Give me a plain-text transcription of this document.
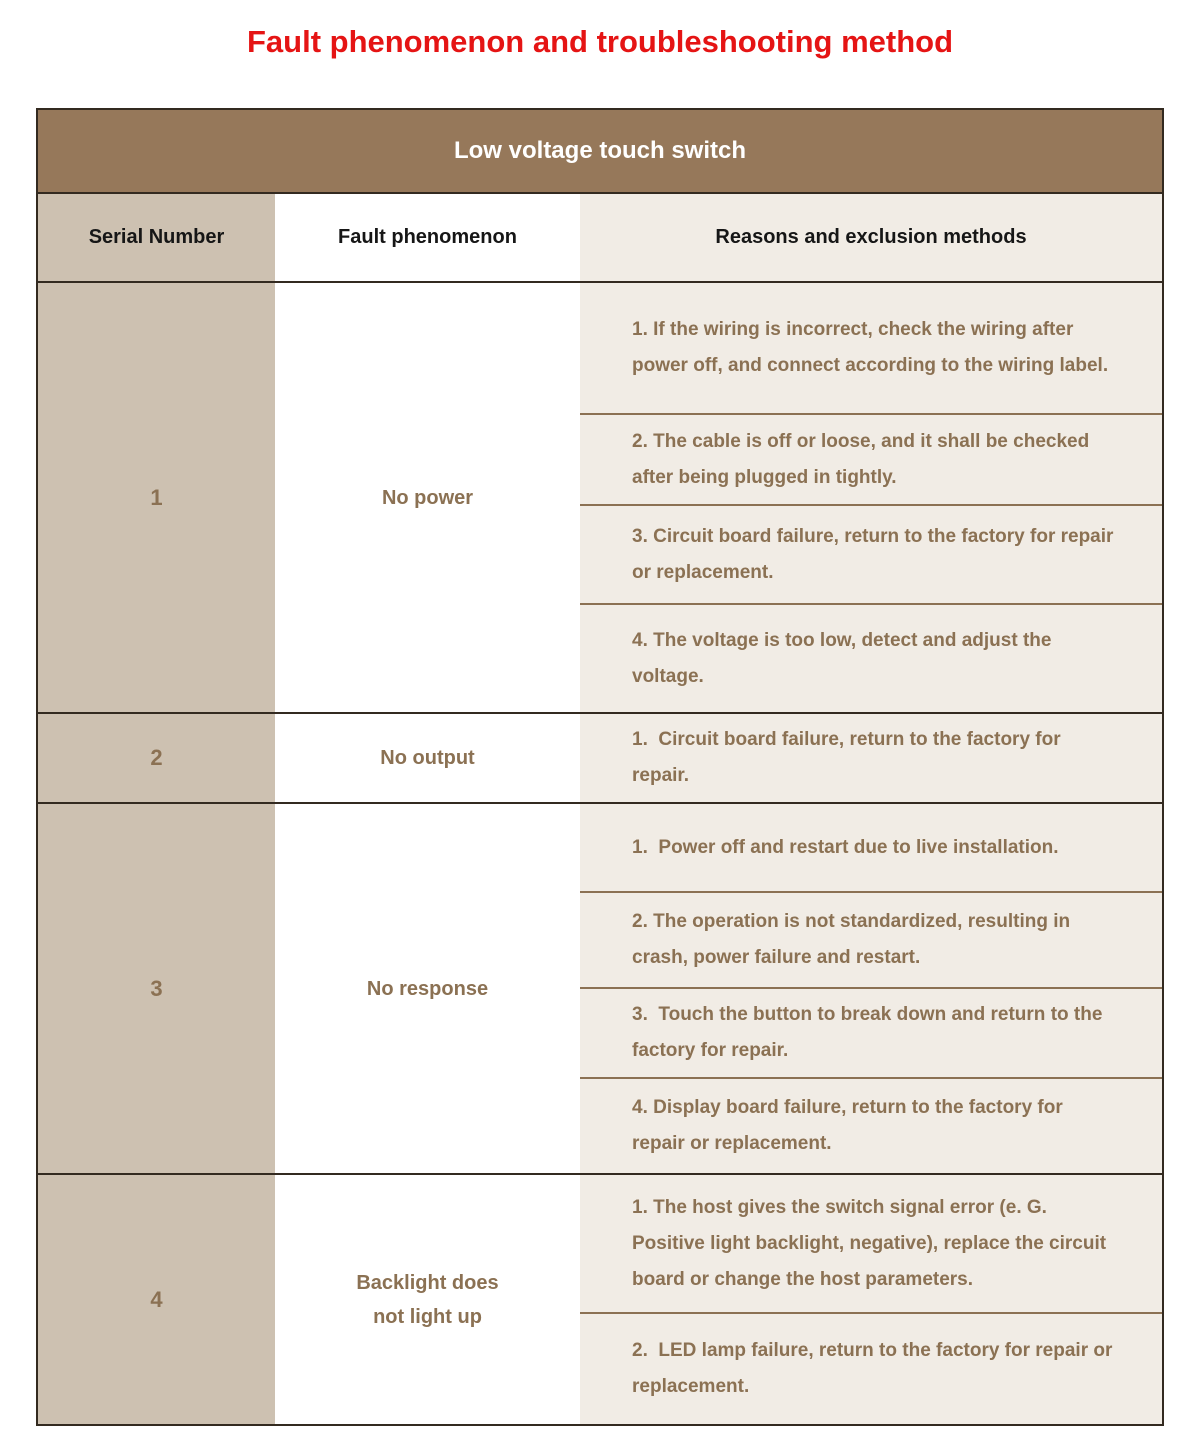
Fault phenomenon and troubleshooting method
Low voltage touch switch
Serial Number	Fault phenomenon	Reasons and exclusion methods
1	No power
1. If the wiring is incorrect, check the wiring after power off, and connect according to the wiring label.
2. The cable is off or loose, and it shall be checked after being plugged in tightly.
3. Circuit board failure, return to the factory for repair or replacement.
4. The voltage is too low, detect and adjust the voltage.
2	No output
1.  Circuit board failure, return to the factory for repair.
3	No response
1.  Power off and restart due to live installation.
2. The operation is not standardized, resulting in crash, power failure and restart.
3.  Touch the button to break down and return to the factory for repair.
4. Display board failure, return to the factory for repair or replacement.
4
Backlight does not light up
1. The host gives the switch signal error (e. G. Positive light backlight, negative), replace the circuit board or change the host parameters.
2.  LED lamp failure, return to the factory for repair or replacement.
